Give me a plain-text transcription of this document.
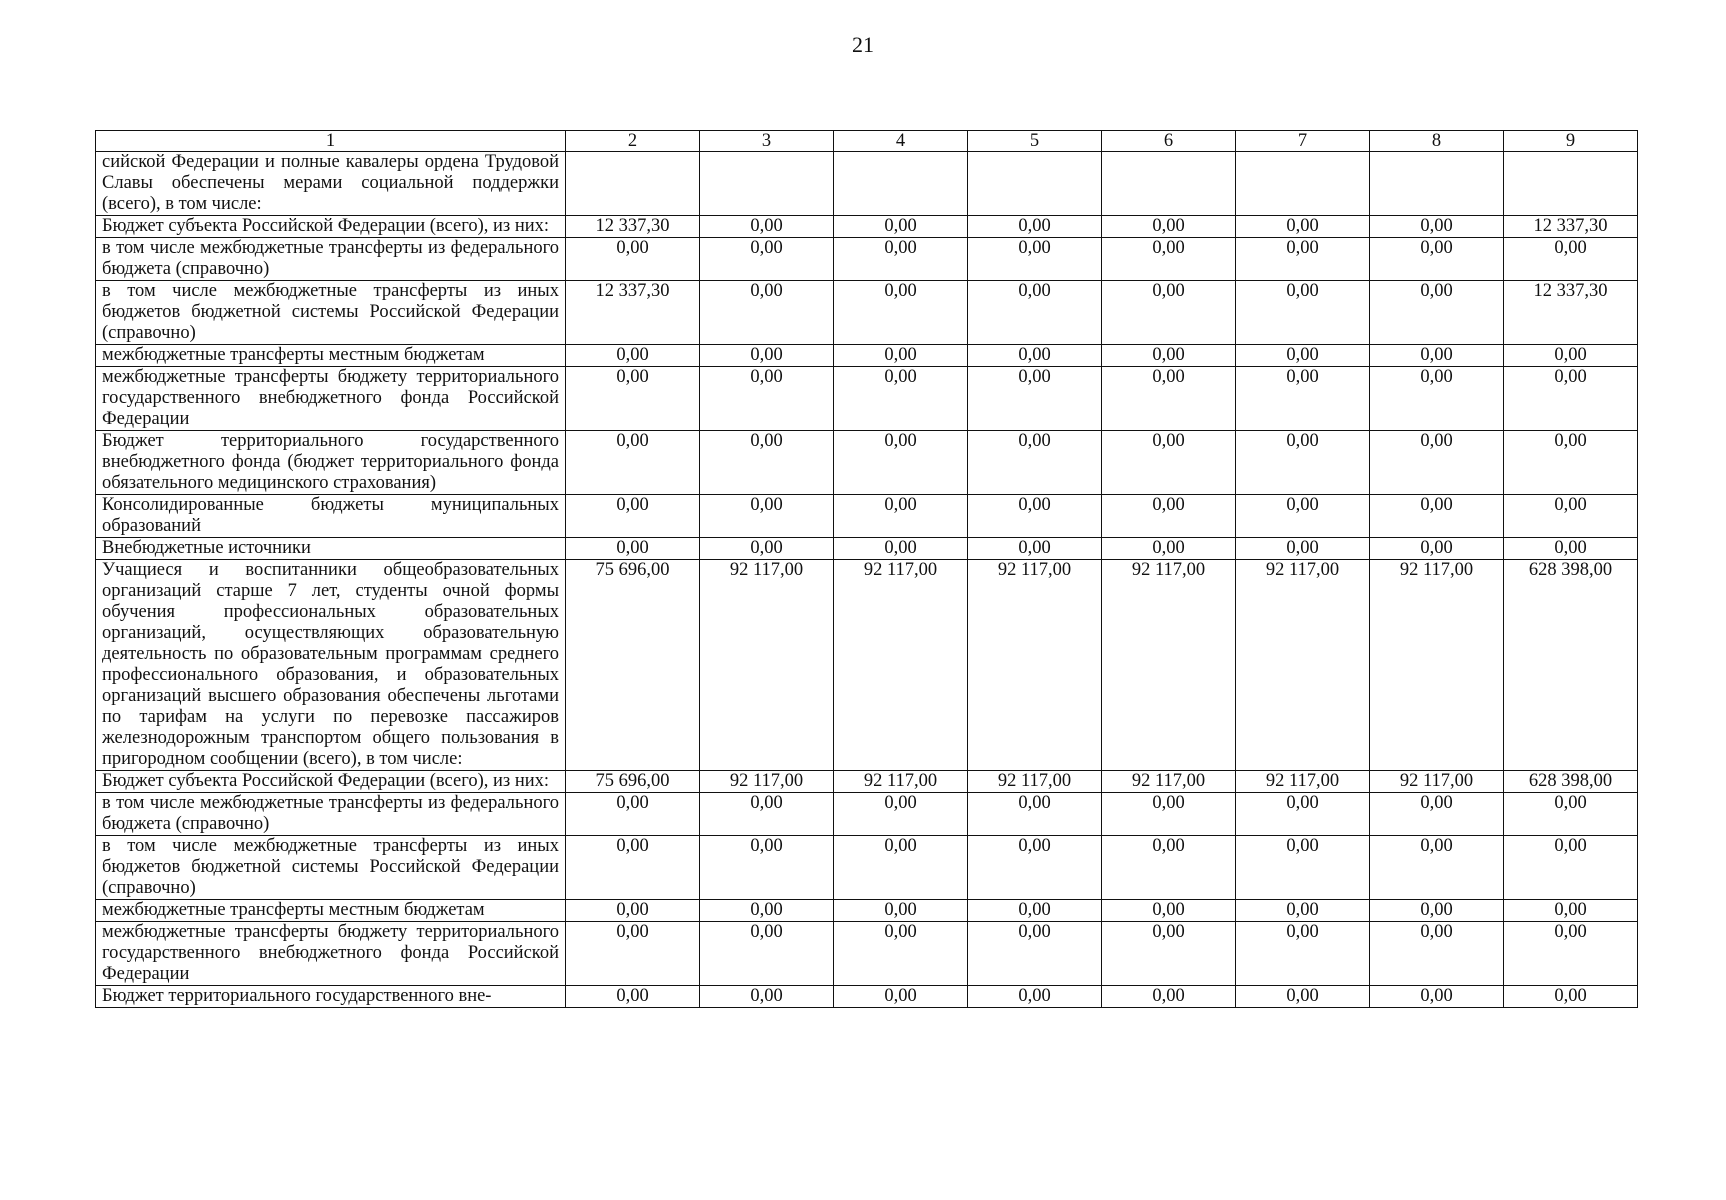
21
1	2	3	4	5	6	7	8	9
сийской Федерации и полные кавалеры ордена Трудовой Славы обеспечены мерами социальной поддержки (всего), в том числе:								
Бюджет субъекта Российской Федерации (всего), из них:	12 337,30	0,00	0,00	0,00	0,00	0,00	0,00	12 337,30
в том числе межбюджетные трансферты из федерального бюджета (справочно)	0,00	0,00	0,00	0,00	0,00	0,00	0,00	0,00
в том числе межбюджетные трансферты из иных бюджетов бюджетной системы Российской Федерации (справочно)	12 337,30	0,00	0,00	0,00	0,00	0,00	0,00	12 337,30
межбюджетные трансферты местным бюджетам	0,00	0,00	0,00	0,00	0,00	0,00	0,00	0,00
межбюджетные трансферты бюджету территориального государственного внебюджетного фонда Российской Федерации	0,00	0,00	0,00	0,00	0,00	0,00	0,00	0,00
Бюджет территориального государственного внебюджетного фонда (бюджет территориального фонда обязательного медицинского страхования)	0,00	0,00	0,00	0,00	0,00	0,00	0,00	0,00
Консолидированные бюджеты муниципальных образований	0,00	0,00	0,00	0,00	0,00	0,00	0,00	0,00
Внебюджетные источники	0,00	0,00	0,00	0,00	0,00	0,00	0,00	0,00
Учащиеся и воспитанники общеобразовательных организаций старше 7 лет, студенты очной формы обучения профессиональных образовательных организаций, осуществляющих образовательную деятельность по образовательным программам среднего профессионального образования, и образовательных организаций высшего образования обеспечены льготами по тарифам на услуги по перевозке пассажиров железнодорожным транспортом общего пользования в пригородном сообщении (всего), в том числе:	75 696,00	92 117,00	92 117,00	92 117,00	92 117,00	92 117,00	92 117,00	628 398,00
Бюджет субъекта Российской Федерации (всего), из них:	75 696,00	92 117,00	92 117,00	92 117,00	92 117,00	92 117,00	92 117,00	628 398,00
в том числе межбюджетные трансферты из федерального бюджета (справочно)	0,00	0,00	0,00	0,00	0,00	0,00	0,00	0,00
в том числе межбюджетные трансферты из иных бюджетов бюджетной системы Российской Федерации (справочно)	0,00	0,00	0,00	0,00	0,00	0,00	0,00	0,00
межбюджетные трансферты местным бюджетам	0,00	0,00	0,00	0,00	0,00	0,00	0,00	0,00
межбюджетные трансферты бюджету территориального государственного внебюджетного фонда Российской Федерации	0,00	0,00	0,00	0,00	0,00	0,00	0,00	0,00
Бюджет территориального государственного вне-	0,00	0,00	0,00	0,00	0,00	0,00	0,00	0,00
